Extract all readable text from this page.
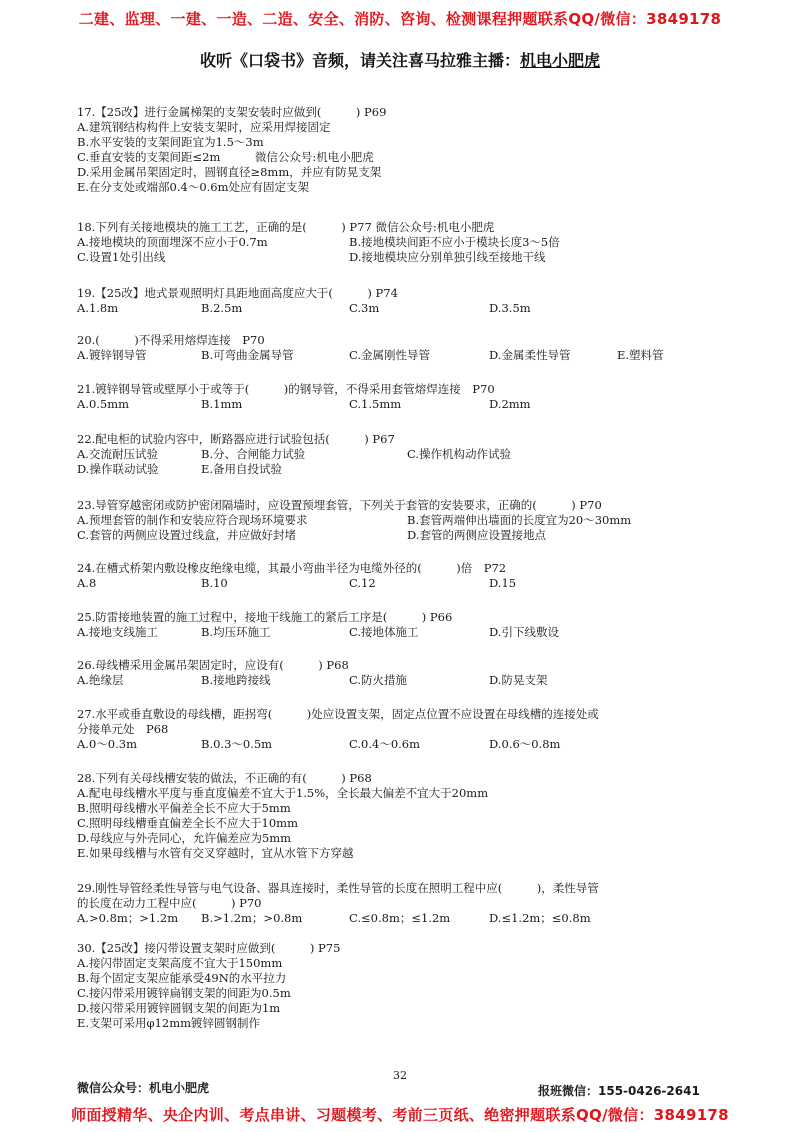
二建、监理、一建、一造、二造、安全、消防、咨询、检测课程押题联系QQ/微信：3849178
收听《口袋书》音频，请关注喜马拉雅主播：机电小肥虎
17.【25改】进行金属梯架的支架安装时应做到(　　　) P69
A.建筑钢结构构件上安装支架时，应采用焊接固定
B.水平安装的支架间距宜为1.5～3m
C.垂直安装的支架间距≤2m　　　微信公众号:机电小肥虎
D.采用金属吊架固定时，圆钢直径≥8mm，并应有防晃支架
E.在分支处或端部0.4～0.6m处应有固定支架
18.下列有关接地模块的施工工艺，正确的是(　　　) P77 微信公众号:机电小肥虎
A.接地模块的顶面埋深不应小于0.7m	B.接地模块间距不应小于模块长度3～5倍
C.设置1处引出线	D.接地模块应分别单独引线至接地干线
19.【25改】地式景观照明灯具距地面高度应大于(　　　) P74
A.1.8m	B.2.5m	C.3m	D.3.5m
20.(　　　)不得采用熔焊连接　P70
A.镀锌钢导管	B.可弯曲金属导管	C.金属刚性导管	D.金属柔性导管	E.塑料管
21.镀锌钢导管或壁厚小于或等于(　　　)的钢导管，不得采用套管熔焊连接　P70
A.0.5mm	B.1mm	C.1.5mm	D.2mm
22.配电柜的试验内容中，断路器应进行试验包括(　　　) P67
A.交流耐压试验	B.分、合闸能力试验	C.操作机构动作试验
D.操作联动试验	E.备用自投试验
23.导管穿越密闭或防护密闭隔墙时，应设置预埋套管，下列关于套管的安装要求，正确的(　　　) P70
A.预埋套管的制作和安装应符合现场环境要求	B.套管两端伸出墙面的长度宜为20～30mm
C.套管的两侧应设置过线盒，并应做好封堵	D.套管的两侧应设置接地点
24.在槽式桥架内敷设橡皮绝缘电缆，其最小弯曲半径为电缆外径的(　　　)倍　P72
A.8	B.10	C.12	D.15
25.防雷接地装置的施工过程中，接地干线施工的紧后工序是(　　　) P66
A.接地支线施工	B.均压环施工	C.接地体施工	D.引下线敷设
26.母线槽采用金属吊架固定时，应设有(　　　) P68
A.绝缘层	B.接地跨接线	C.防火措施	D.防晃支架
27.水平或垂直敷设的母线槽，距拐弯(　　　)处应设置支架，固定点位置不应设置在母线槽的连接处或
分接单元处　P68
A.0～0.3m	B.0.3～0.5m	C.0.4～0.6m	D.0.6～0.8m
28.下列有关母线槽安装的做法，不正确的有(　　　) P68
A.配电母线槽水平度与垂直度偏差不宜大于1.5%，全长最大偏差不宜大于20mm
B.照明母线槽水平偏差全长不应大于5mm
C.照明母线槽垂直偏差全长不应大于10mm
D.母线应与外壳同心，允许偏差应为5mm
E.如果母线槽与水管有交叉穿越时，宜从水管下方穿越
29.刚性导管经柔性导管与电气设备、器具连接时，柔性导管的长度在照明工程中应(　　　)，柔性导管
的长度在动力工程中应(　　　) P70
A.>0.8m；>1.2m B.>1.2m；>0.8m	C.≤0.8m；≤1.2m	D.≤1.2m；≤0.8m
30.【25改】接闪带设置支架时应做到(　　　) P75
A.接闪带固定支架高度不宜大于150mm
B.每个固定支架应能承受49N的水平拉力
C.接闪带采用镀锌扁钢支架的间距为0.5m
D.接闪带采用镀锌圆钢支架的间距为1m
E.支架可采用φ12mm镀锌圆钢制作
32
微信公众号：机电小肥虎	报班微信：155-0426-2641
师面授精华、央企内训、考点串讲、习题模考、考前三页纸、绝密押题联系QQ/微信：3849178
